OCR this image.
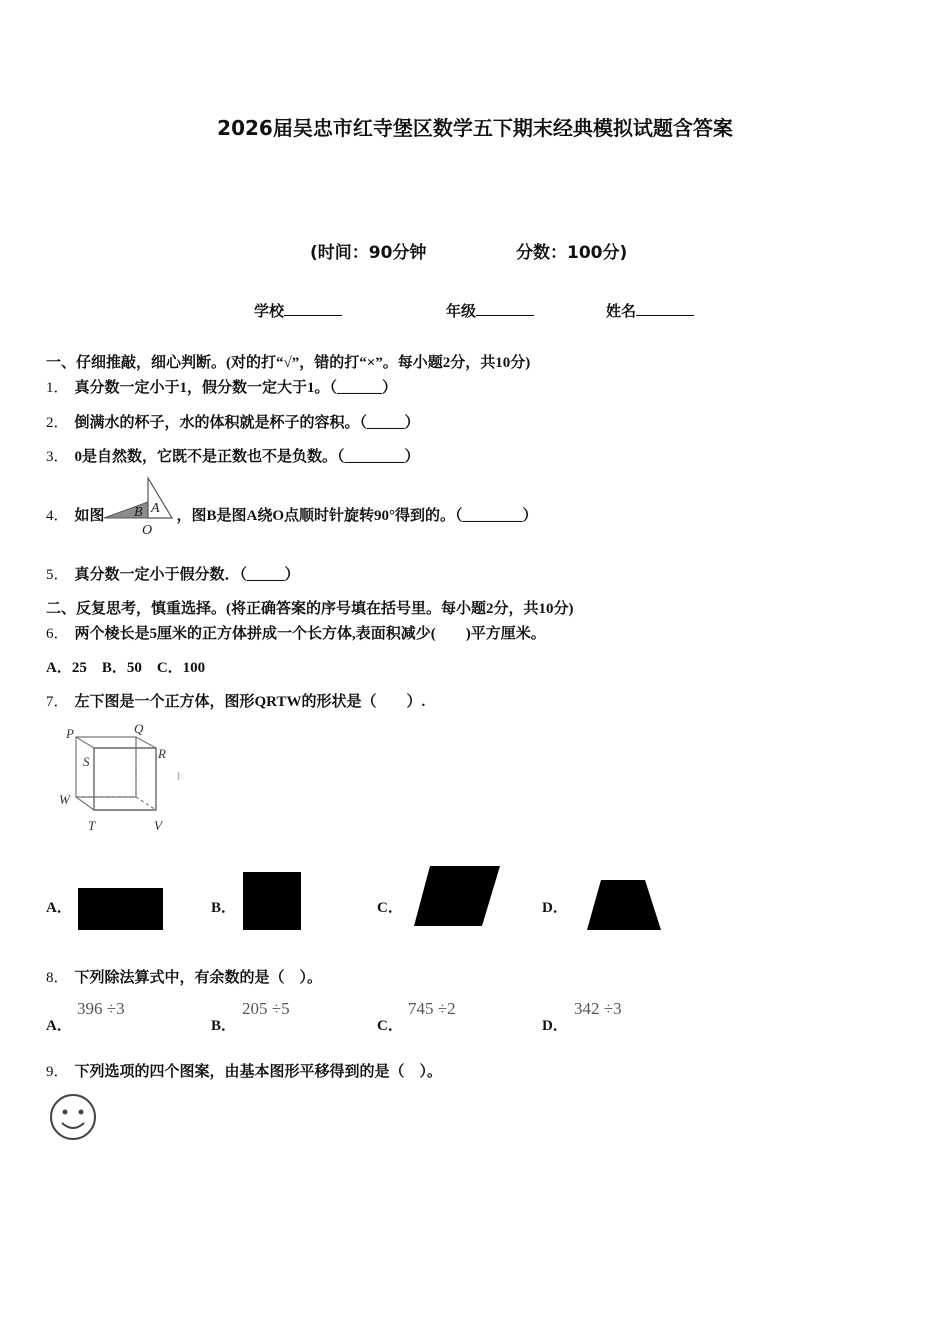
2026届吴忠市红寺堡区数学五下期末经典模拟试题含答案
(时间：90分钟	分数：100分)
学校	年级	姓名
一、仔细推敲，细心判断。(对的打“√”，错的打“×”。每小题2分，共10分)
1． 真分数一定小于1，假分数一定大于1。（______）
2． 倒满水的杯子，水的体积就是杯子的容积。（_____）
3． 0是自然数，它既不是正数也不是负数。（________）
4． 如图	，图B是图A绕O点顺时针旋转90°得到的。（________）
B A
O
5． 真分数一定小于假分数．（_____）
二、反复思考，慎重选择。(将正确答案的序号填在括号里。每小题2分，共10分)
6． 两个棱长是5厘米的正方体拼成一个长方体,表面积减少(　　)平方厘米。
A．25　B．50　C．100
7． 左下图是一个正方体，图形QRTW的形状是（　　）.
P	Q
R
S
W
T	V
A．	B．	C．	D．
8． 下列除法算式中，有余数的是（　）。
A．
396 ÷3
B．
205 ÷5
C．
745 ÷2
D．
342 ÷3
9． 下列选项的四个图案，由基本图形平移得到的是（　）。
